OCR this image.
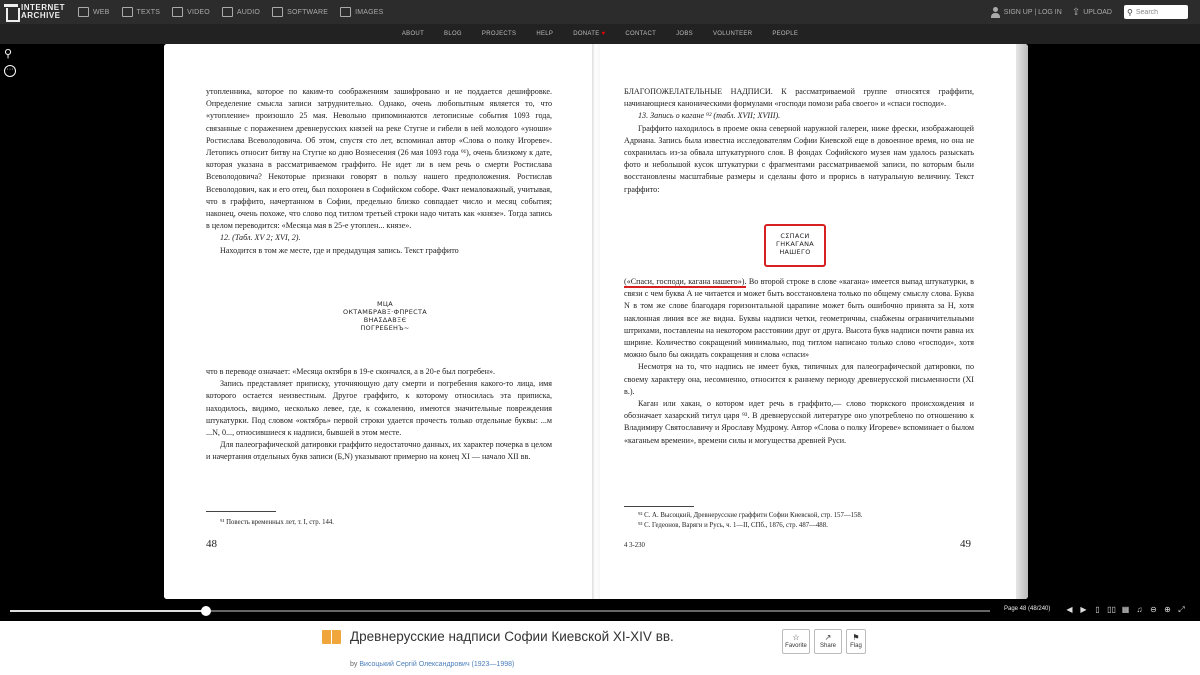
INTERNET
ARCHIVE	WEB	TEXTS	VIDEO	AUDIO	SOFTWARE	IMAGES	SIGN UP | LOG IN ⇪ UPLOAD ⚲
Search
ABOUT	BLOG	PROJECTS	HELP	DONATE ♥	CONTACT	JOBS	VOLUNTEER	PEOPLE
⚲
···

утопленника, которое по каким-то соображениям зашифровано и не поддается дешифровке. Определение смысла записи затруднительно. Однако, очень любопытным является то, что «утопление» произошло 25 мая. Невольно припоминаются летописные события 1093 года, связанные с поражением древнерусских князей на реке Стугне и гибели в ней молодого «уноши» Ростислава Всеволодовича. Об этом, спустя сто лет, вспоминал автор «Слова о полку Игореве». Летопись относит битву на Стугне ко дню Вознесения (26 мая 1093 года ⁹¹), очень близкому к дате, которая указана в рассматриваемом граффито. Не идет ли в нем речь о смерти Ростислава Всеволодовича? Некоторые признаки говорят в пользу нашего предположения. Ростислав Всеволодович, как и его отец, был похоронен в Софийском соборе. Факт немаловажный, учитывая, что в граффито, начертанном в Софии, предельно близко совпадает число и месяц события; наконец, очень похоже, что слово под титлом третьей строки надо читать как «князе». Тогда запись в целом переводится: «Месяца мая в 25-е утоплен... князе».

12. (Табл. XV 2; XVI, 2).

Находится в том же месте, где и предыдущая запись. Текст граффито

МЦА
ОКТАМБРАВΞ·ФПРЕСТА
ВНАΣΔАВΞЄ
ПОГРЕБЕНЪ~

что в переводе означает: «Месяца октября в 19-е скончался, а в 20-е был погребен».

Запись представляет приписку, уточняющую дату смерти и погребения какого-то лица, имя которого остается неизвестным. Другое граффито, к которому относилась эта приписка, находилось, видимо, несколько левее, где, к сожалению, имеются значительные повреждения штукатурки. Под словом «октябрь» первой строки удается прочесть только отдельные буквы: ...м ...N, 0..., относившиеся к надписи, бывшей в этом месте.

Для палеографической датировки граффито недостаточно данных, их характер почерка в целом и начертания отдельных букв записи (Б,N) указывают примерно на конец XI — начало XII вв.

⁹¹ Повесть временных лет, т. I, стр. 144.
48

БЛАГОПОЖЕЛАТЕЛЬНЫЕ НАДПИСИ. К рассматриваемой группе относятся граффити, начинающиеся каноническими формулами «господи помози раба своего» и «спаси господи».

13. Запись о кагане ⁹² (табл. XVII; XVIII).

Граффито находилось в проеме окна северной наружной галереи, ниже фрески, изображающей Адриана. Запись была известна исследователям Софии Киевской еще в довоенное время, но она не сохранилась из-за обвала штукатурного слоя. В фондах Софийского музея нам удалось разыскать фото и небольшой кусок штукатурки с фрагментами рассматриваемой записи, по которым были восстановлены масштабные размеры и сделаны фото и прорись в натуральную величину. Текст граффито:

СΣПАСИ
ГНКАГАNА
НАШЕГО

(«Спаси, господи, кагана нашего»). Во второй строке в слове «кагана» имеется выпад штукатурки, в связи с чем буква А не читается и может быть восстановлена только по общему смыслу слова. Буква N в том же слове благодаря горизонтальной царапине может быть ошибочно принята за Н, хотя наклонная линия все же видна. Буквы надписи четки, геометричны, снабжены ограничительными штрихами, поставлены на некотором расстоянии друг от друга. Высота букв надписи почти равна их ширине. Количество сокращений минимально, под титлом написано только слово «господи», хотя можно было бы ожидать сокращения и слова «спаси»

Несмотря на то, что надпись не имеет букв, типичных для палеографической датировки, по своему характеру она, несомненно, относится к раннему периоду древнерусской письменности (XI в.).

Каган или хакан, о котором идет речь в граффито,— слово тюркского происхождения и обозначает хазарский титул царя ⁹³. В древнерусской литературе оно употреблено по отношению к Владимиру Святославичу и Ярославу Мудрому. Автор «Слова о полку Игореве» вспоминает о былом «каганьем времени», времени силы и могущества древней Руси.

⁹² С. А. Высоцкий, Древнерусские граффити Софии Киевской, стр. 157—158.
⁹³ С. Гедеонов, Варяги и Русь, ч. 1—II, СПб., 1876, стр. 487—488.
4 3-230	49
Page 48 (48/240)	◀ ▶	▯ ▯▯ ▦ ♫ ⊖ ⊕ ⤢
Древнерусские надписи Софии Киевской XI-XIV вв.
by Висоцький Сергій Олександрович (1923—1998)
☆
Favorite
↗
Share
⚑
Flag
